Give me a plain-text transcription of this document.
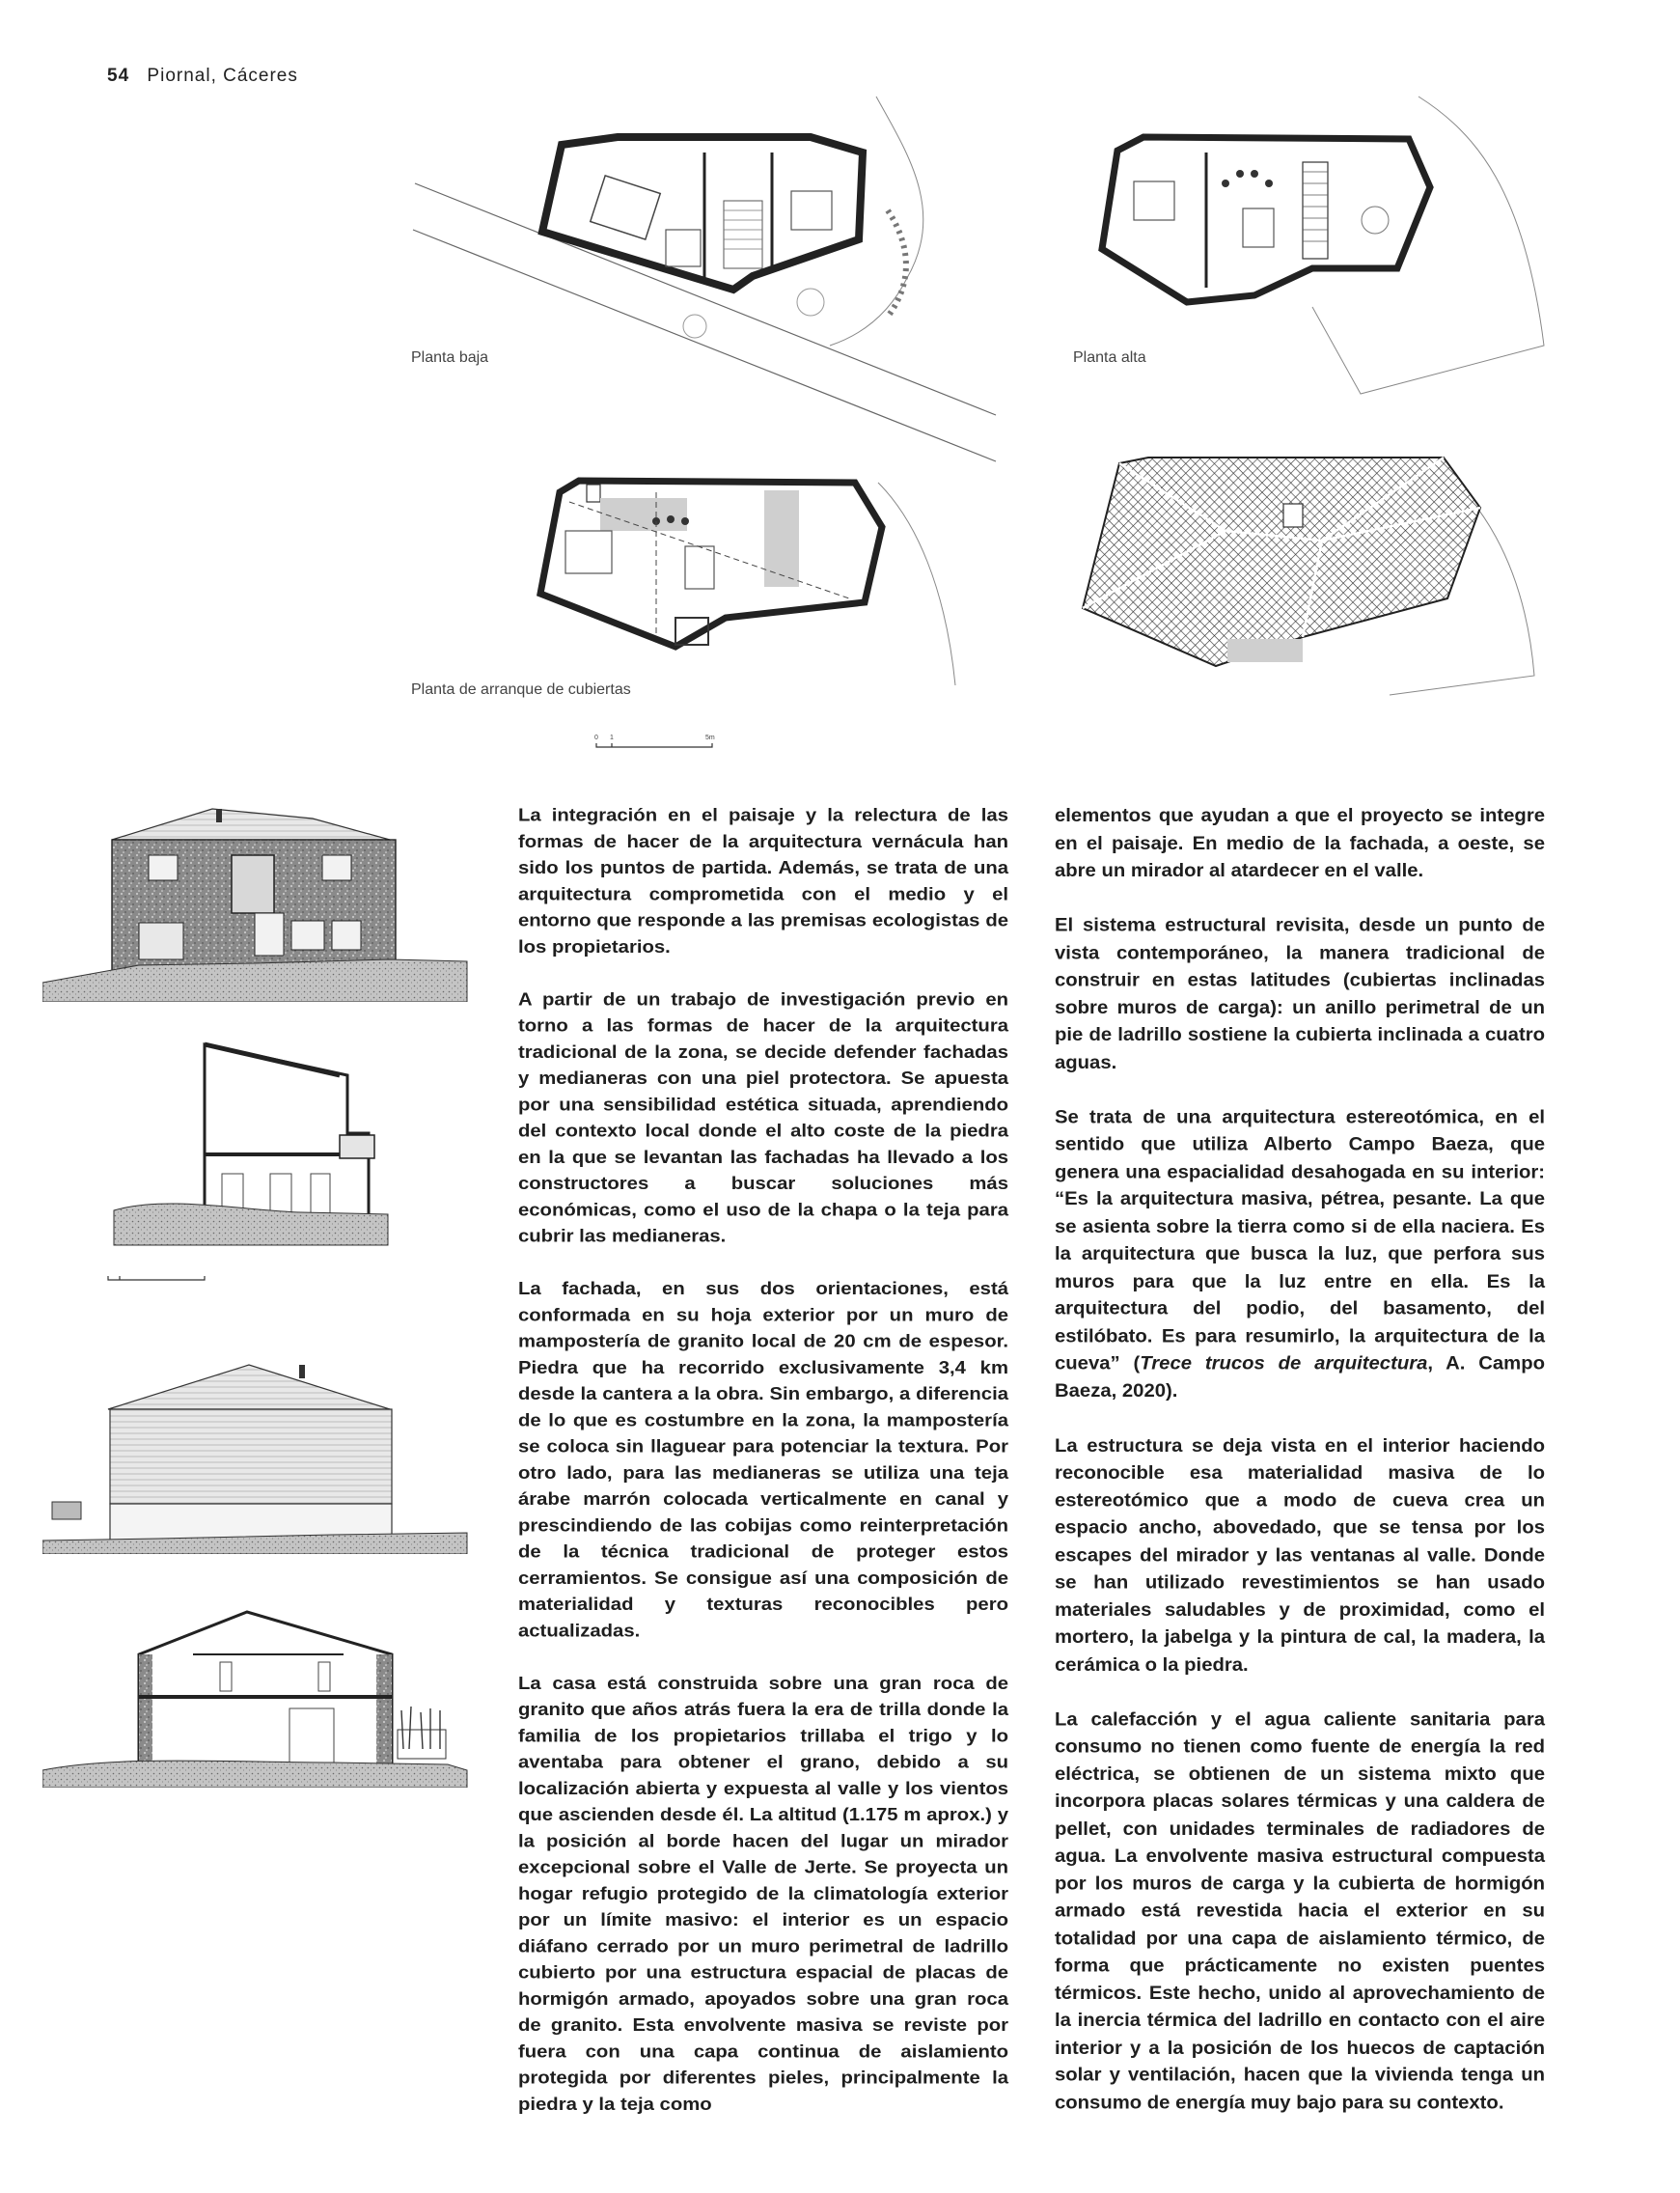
54 Piornal, Cáceres
Planta baja	Planta alta
Planta de arranque de cubiertas
0 1	5m

La integración en el paisaje y la relectura de las formas de hacer de la arquitectura vernácula han sido los puntos de partida. Además, se trata de una arquitectura comprometida con el medio y el entorno que responde a las premisas ecologistas de los propietarios.

A partir de un trabajo de investigación previo en torno a las formas de hacer de la arquitectura tradicional de la zona, se decide defender fachadas y medianeras con una piel protectora. Se apuesta por una sensibilidad estética situada, aprendiendo del contexto local donde el alto coste de la piedra en la que se levantan las fachadas ha llevado a los constructores a buscar soluciones más económicas, como el uso de la chapa o la teja para cubrir las medianeras.

La fachada, en sus dos orientaciones, está conformada en su hoja exterior por un muro de mampostería de granito local de 20 cm de espesor. Piedra que ha recorrido exclusivamente 3,4 km desde la cantera a la obra. Sin embargo, a diferencia de lo que es costumbre en la zona, la mampostería se coloca sin llaguear para potenciar la textura. Por otro lado, para las medianeras se utiliza una teja árabe marrón colocada verticalmente en canal y prescindiendo de las cobijas como reinterpretación de la técnica tradicional de proteger estos cerramientos. Se consigue así una composición de materialidad y texturas reconocibles pero actualizadas.

La casa está construida sobre una gran roca de granito que años atrás fuera la era de trilla donde la familia de los propietarios trillaba el trigo y lo aventaba para obtener el grano, debido a su localización abierta y expuesta al valle y los vientos que ascienden desde él. La altitud (1.175 m aprox.) y la posición al borde hacen del lugar un mirador excepcional sobre el Valle de Jerte. Se proyecta un hogar refugio protegido de la climatología exterior por un límite masivo: el interior es un espacio diáfano cerrado por un muro perimetral de ladrillo cubierto por una estructura espacial de placas de hormigón armado, apoyados sobre una gran roca de granito. Esta envolvente masiva se reviste por fuera con una capa continua de aislamiento protegida por diferentes pieles, principalmente la piedra y la teja como

elementos que ayudan a que el proyecto se integre en el paisaje. En medio de la fachada, a oeste, se abre un mirador al atardecer en el valle.

El sistema estructural revisita, desde un punto de vista contemporáneo, la manera tradicional de construir en estas latitudes (cubiertas inclinadas sobre muros de carga): un anillo perimetral de un pie de ladrillo sostiene la cubierta inclinada a cuatro aguas.

Se trata de una arquitectura estereotómica, en el sentido que utiliza Alberto Campo Baeza, que genera una espacialidad desahogada en su interior: “Es la arquitectura masiva, pétrea, pesante. La que se asienta sobre la tierra como si de ella naciera. Es la arquitectura que busca la luz, que perfora sus muros para que la luz entre en ella. Es la arquitectura del podio, del basamento, del estilóbato. Es para resumirlo, la arquitectura de la cueva” (Trece trucos de arquitectura, A. Campo Baeza, 2020).

La estructura se deja vista en el interior haciendo reconocible esa materialidad masiva de lo estereotómico que a modo de cueva crea un espacio ancho, abovedado, que se tensa por los escapes del mirador y las ventanas al valle. Donde se han utilizado revestimientos se han usado materiales saludables y de proximidad, como el mortero, la jabelga y la pintura de cal, la madera, la cerámica o la piedra.

La calefacción y el agua caliente sanitaria para consumo no tienen como fuente de energía la red eléctrica, se obtienen de un sistema mixto que incorpora placas solares térmicas y una caldera de pellet, con unidades terminales de radiadores de agua. La envolvente masiva estructural compuesta por los muros de carga y la cubierta de hormigón armado está revestida hacia el exterior en su totalidad por una capa de aislamiento térmico, de forma que prácticamente no existen puentes térmicos. Este hecho, unido al aprovechamiento de la inercia térmica del ladrillo en contacto con el aire interior y a la posición de los huecos de captación solar y ventilación, hacen que la vivienda tenga un consumo de energía muy bajo para su contexto.
